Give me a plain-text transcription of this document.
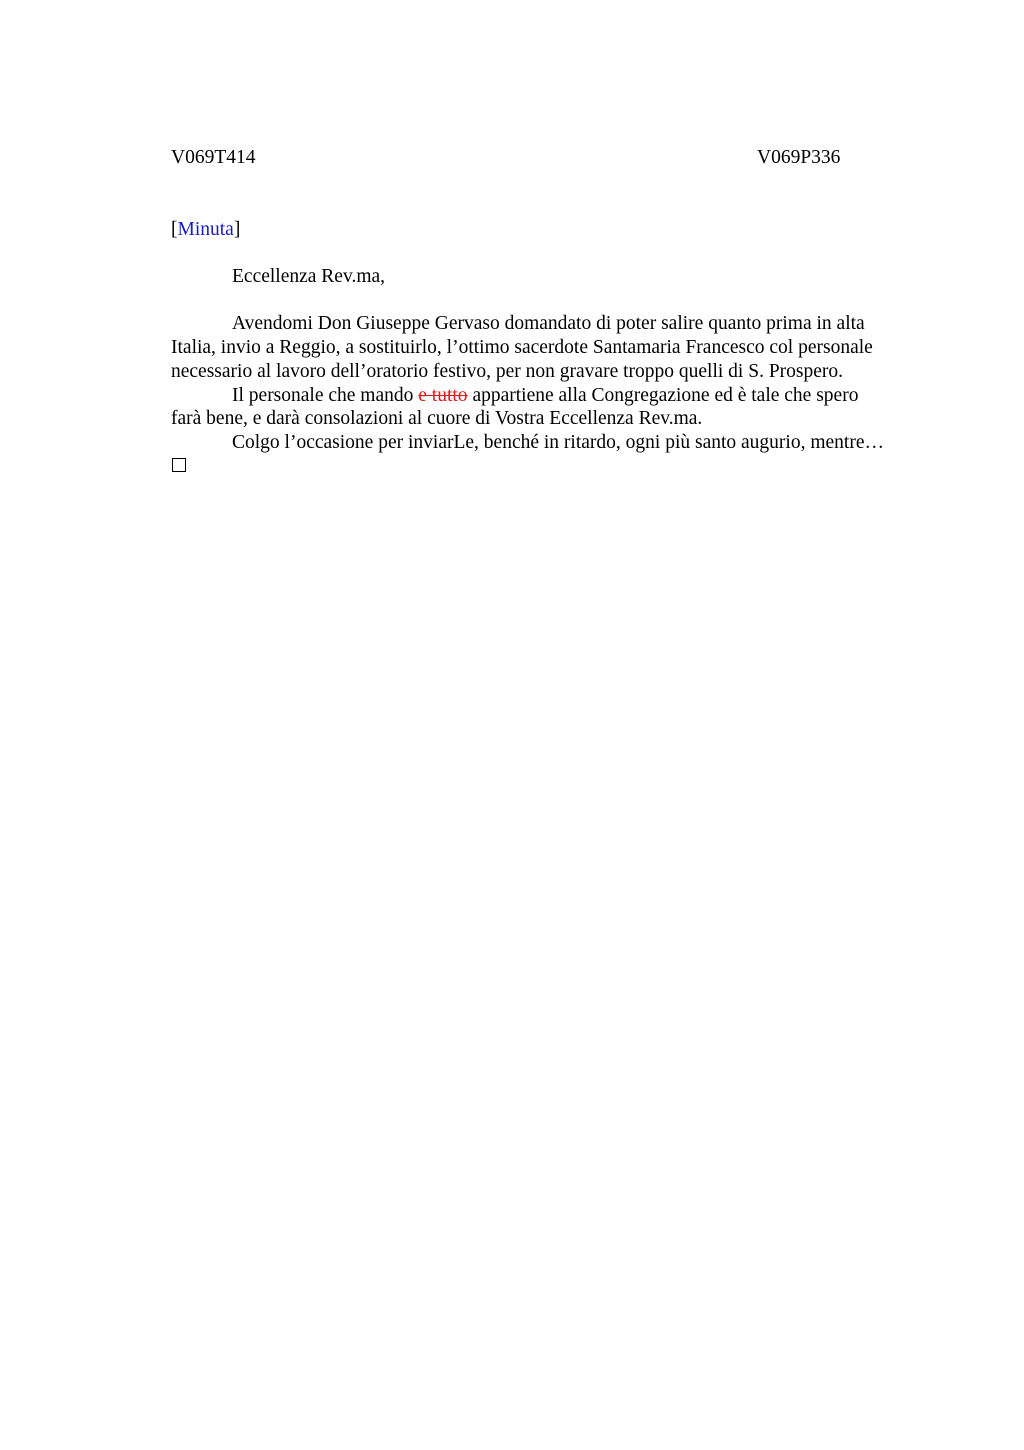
V069T414	V069P336
[Minuta]

Eccellenza Rev.ma,

Avendomi Don Giuseppe Gervaso domandato di poter salire quanto prima in alta

Italia, invio a Reggio, a sostituirlo, l’ottimo sacerdote Santamaria Francesco col personale

necessario al lavoro dell’oratorio festivo, per non gravare troppo quelli di S. Prospero.

Il personale che mando e tutto appartiene alla Congregazione ed è tale che spero

farà bene, e darà consolazioni al cuore di Vostra Eccellenza Rev.ma.

Colgo l’occasione per inviarLe, benché in ritardo, ogni più santo augurio, mentre…
